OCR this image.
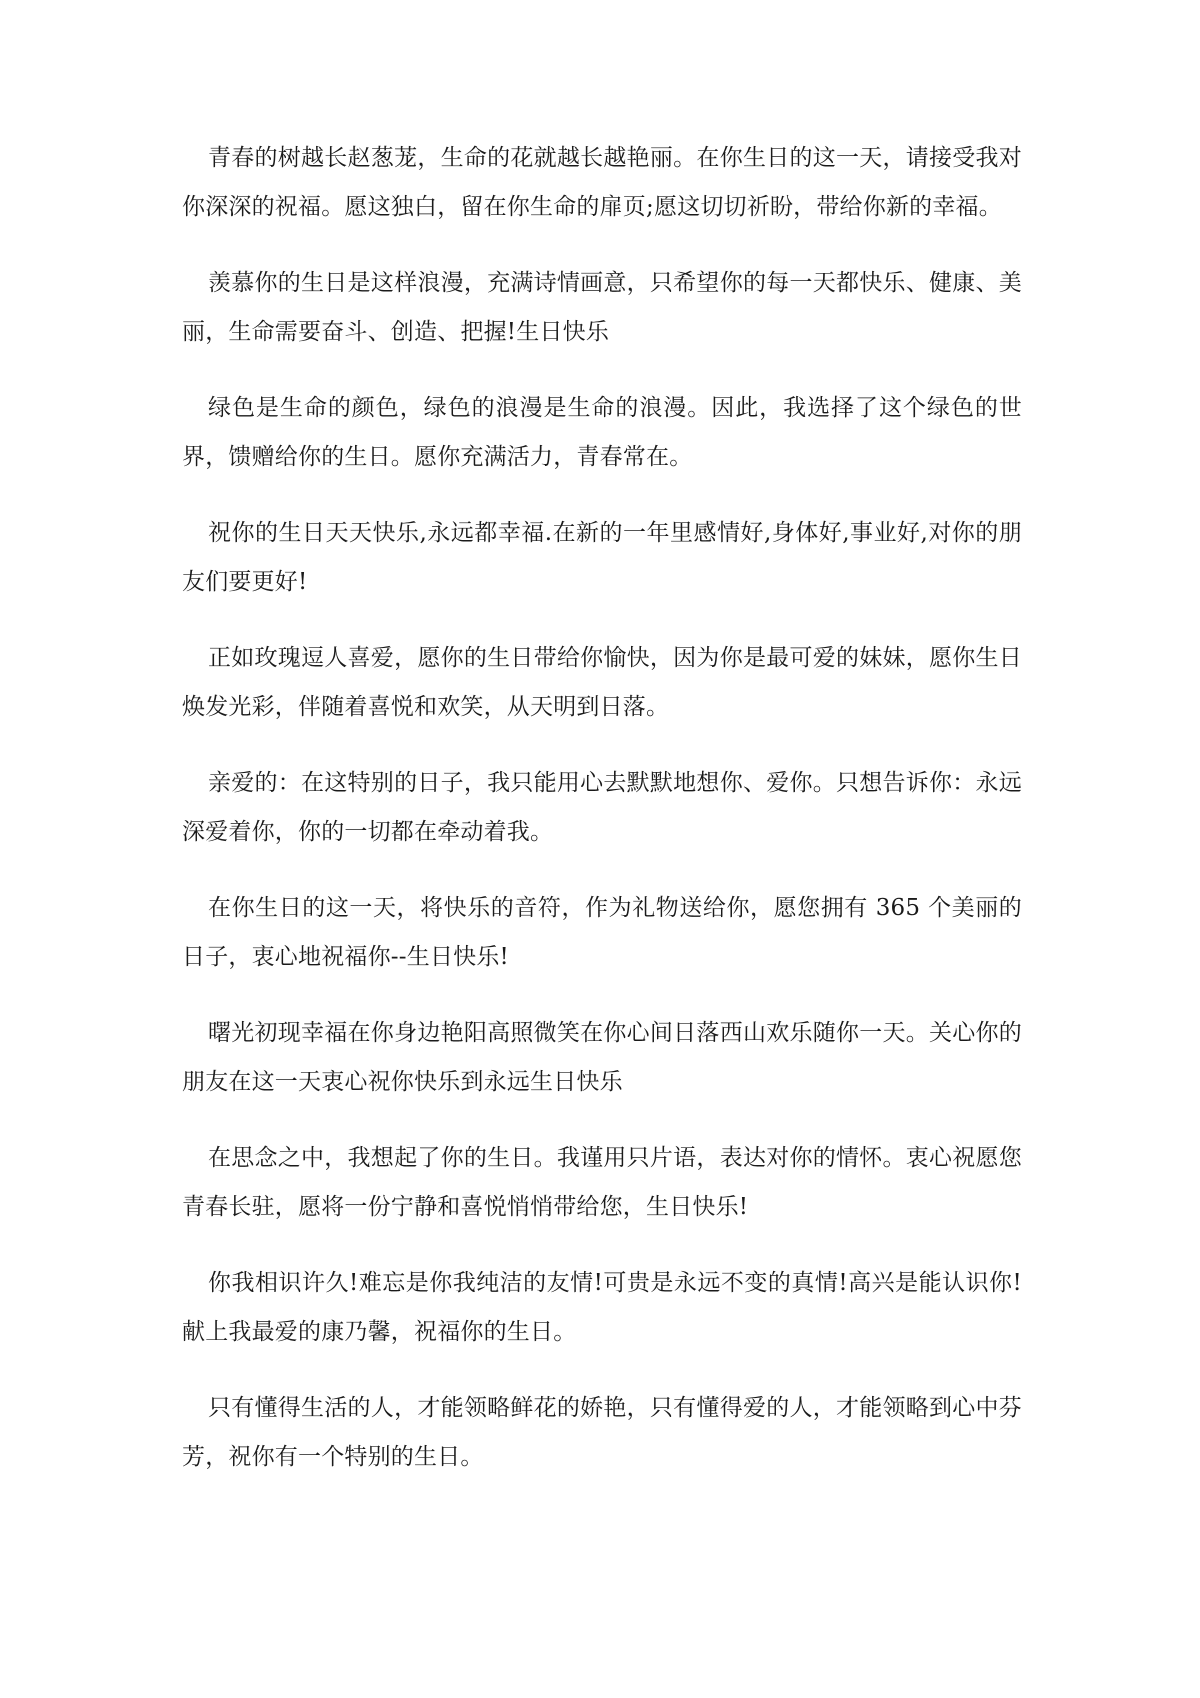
青春的树越长赵葱茏，生命的花就越长越艳丽。在你生日的这一天，请接受我对你深深的祝福。愿这独白，留在你生命的扉页;愿这切切祈盼，带给你新的幸福。

羡慕你的生日是这样浪漫，充满诗情画意，只希望你的每一天都快乐、健康、美丽，生命需要奋斗、创造、把握!生日快乐

绿色是生命的颜色，绿色的浪漫是生命的浪漫。因此，我选择了这个绿色的世界，馈赠给你的生日。愿你充满活力，青春常在。

祝你的生日天天快乐,永远都幸福.在新的一年里感情好,身体好,事业好,对你的朋友们要更好!

正如玫瑰逗人喜爱，愿你的生日带给你愉快，因为你是最可爱的妹妹，愿你生日焕发光彩，伴随着喜悦和欢笑，从天明到日落。

亲爱的：在这特别的日子，我只能用心去默默地想你、爱你。只想告诉你：永远深爱着你，你的一切都在牵动着我。

在你生日的这一天，将快乐的音符，作为礼物送给你，愿您拥有 365 个美丽的日子，衷心地祝福你--生日快乐!

曙光初现幸福在你身边艳阳高照微笑在你心间日落西山欢乐随你一天。关心你的朋友在这一天衷心祝你快乐到永远生日快乐

在思念之中，我想起了你的生日。我谨用只片语，表达对你的情怀。衷心祝愿您青春长驻，愿将一份宁静和喜悦悄悄带给您，生日快乐!

你我相识许久!难忘是你我纯洁的友情!可贵是永远不变的真情!高兴是能认识你!献上我最爱的康乃馨，祝福你的生日。

只有懂得生活的人，才能领略鲜花的娇艳，只有懂得爱的人，才能领略到心中芬芳，祝你有一个特别的生日。
